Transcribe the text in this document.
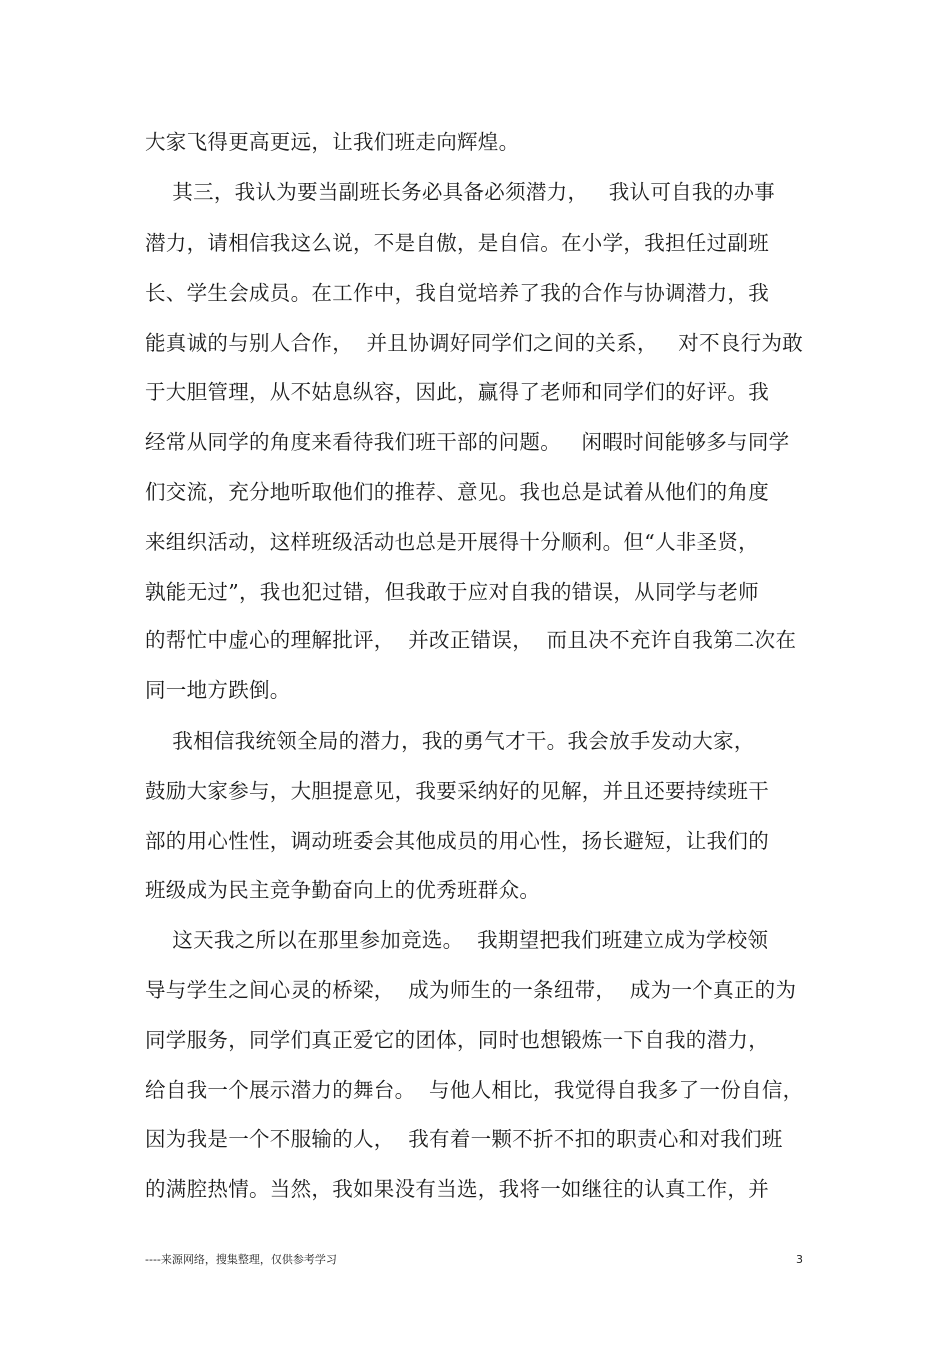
大家飞得更高更远，让我们班走向辉煌。
其三，我认为要当副班长务必具备必须潜力，   我认可自我的办事
潜力，请相信我这么说，不是自傲，是自信。在小学，我担任过副班
长、学生会成员。在工作中，我自觉培养了我的合作与协调潜力，我
能真诚的与别人合作，  并且协调好同学们之间的关系，   对不良行为敢
于大胆管理，从不姑息纵容，因此，赢得了老师和同学们的好评。我
经常从同学的角度来看待我们班干部的问题。   闲暇时间能够多与同学
们交流，充分地听取他们的推荐、意见。我也总是试着从他们的角度
来组织活动，这样班级活动也总是开展得十分顺利。但“人非圣贤，
孰能无过”，我也犯过错，但我敢于应对自我的错误，从同学与老师
的帮忙中虚心的理解批评，  并改正错误，  而且决不充许自我第二次在
同一地方跌倒。
我相信我统领全局的潜力，我的勇气才干。我会放手发动大家，
鼓励大家参与，大胆提意见，我要采纳好的见解，并且还要持续班干
部的用心性性，调动班委会其他成员的用心性，扬长避短，让我们的
班级成为民主竞争勤奋向上的优秀班群众。
这天我之所以在那里参加竞选。  我期望把我们班建立成为学校领
导与学生之间心灵的桥梁，  成为师生的一条纽带，  成为一个真正的为
同学服务，同学们真正爱它的团体，同时也想锻炼一下自我的潜力，
给自我一个展示潜力的舞台。  与他人相比，我觉得自我多了一份自信，
因为我是一个不服输的人，  我有着一颗不折不扣的职责心和对我们班
的满腔热情。当然，我如果没有当选，我将一如继往的认真工作，并
----来源网络，搜集整理，仅供参考学习	3
